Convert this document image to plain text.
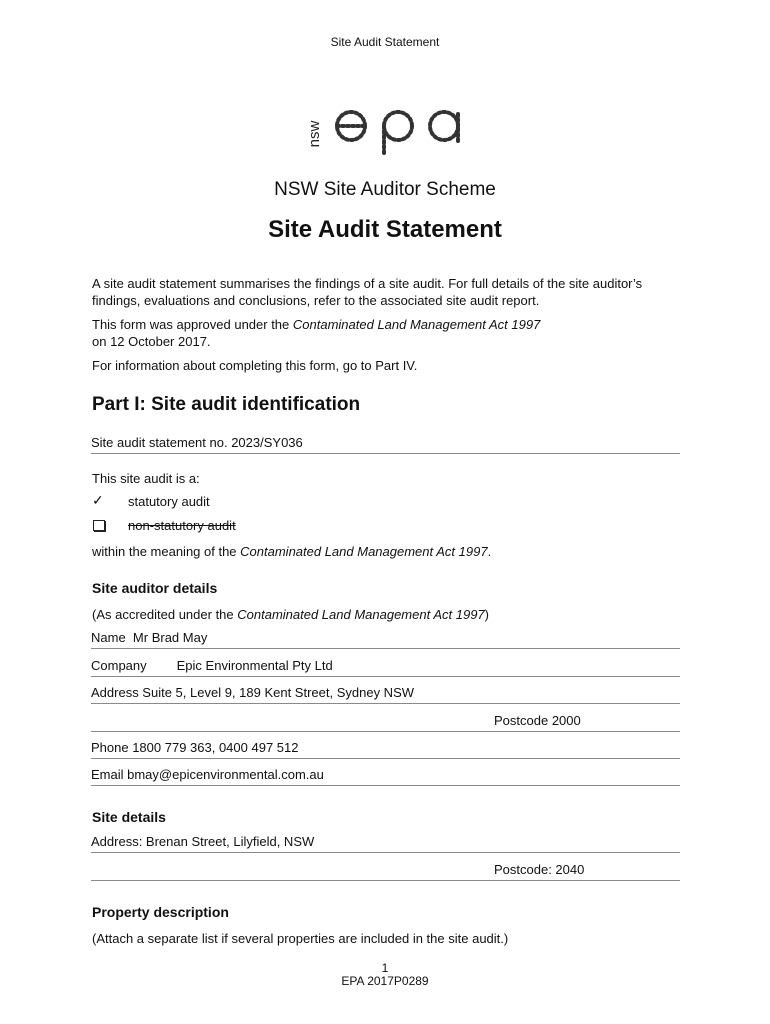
Site Audit Statement
nsw
NSW Site Auditor Scheme
Site Audit Statement
A site audit statement summarises the findings of a site audit. For full details of the site auditor’s findings, evaluations and conclusions, refer to the associated site audit report.
This form was approved under the Contaminated Land Management Act 1997
on 12 October 2017.
For information about completing this form, go to Part IV.
Part I: Site audit identification
Site audit statement no. 2023/SY036
This site audit is a:
✓ statutory audit
non-statutory audit
within the meaning of the Contaminated Land Management Act 1997.
Site auditor details
(As accredited under the Contaminated Land Management Act 1997)
Name Mr Brad May
Company Epic Environmental Pty Ltd
Address Suite 5, Level 9, 189 Kent Street, Sydney NSW
Postcode 2000
Phone 1800 779 363, 0400 497 512
Email bmay@epicenvironmental.com.au
Site details
Address: Brenan Street, Lilyfield, NSW
Postcode: 2040
Property description
(Attach a separate list if several properties are included in the site audit.)
1
EPA 2017P0289
